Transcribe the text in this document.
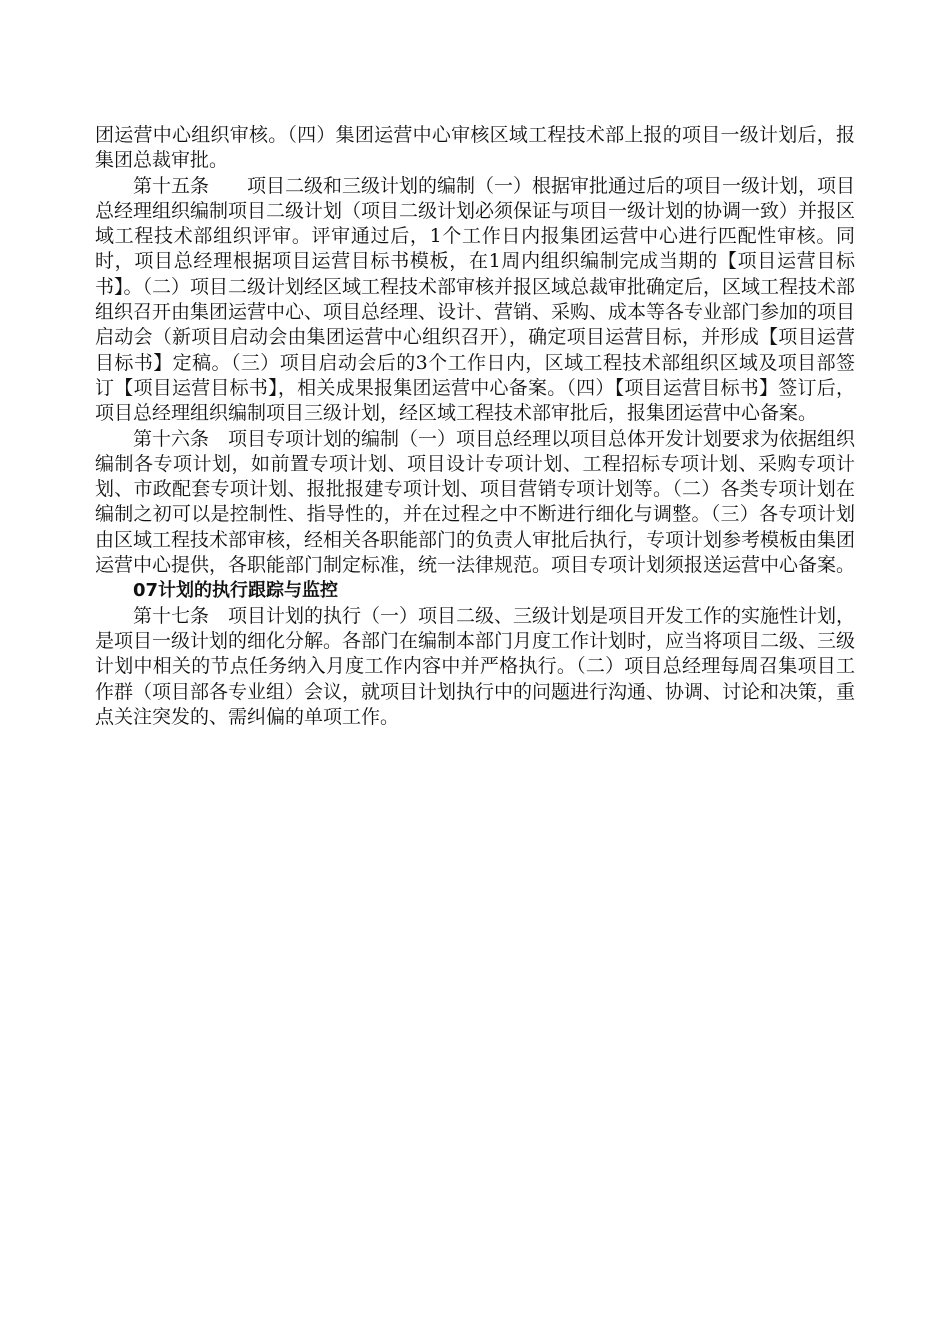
团运营中心组织审核。（四）集团运营中心审核区域工程技术部上报的项目一级计划后，报集团总裁审批。

第十五条　　项目二级和三级计划的编制（一）根据审批通过后的项目一级计划，项目总经理组织编制项目二级计划（项目二级计划必须保证与项目一级计划的协调一致）并报区域工程技术部组织评审。评审通过后，1个工作日内报集团运营中心进行匹配性审核。同时，项目总经理根据项目运营目标书模板，在1周内组织编制完成当期的【项目运营目标书】。（二）项目二级计划经区域工程技术部审核并报区域总裁审批确定后，区域工程技术部组织召开由集团运营中心、项目总经理、设计、营销、采购、成本等各专业部门参加的项目启动会（新项目启动会由集团运营中心组织召开），确定项目运营目标，并形成【项目运营目标书】定稿。（三）项目启动会后的3个工作日内，区域工程技术部组织区域及项目部签订【项目运营目标书】，相关成果报集团运营中心备案。（四）【项目运营目标书】签订后，项目总经理组织编制项目三级计划，经区域工程技术部审批后，报集团运营中心备案。

第十六条　项目专项计划的编制（一）项目总经理以项目总体开发计划要求为依据组织编制各专项计划，如前置专项计划、项目设计专项计划、工程招标专项计划、采购专项计划、市政配套专项计划、报批报建专项计划、项目营销专项计划等。（二）各类专项计划在编制之初可以是控制性、指导性的，并在过程之中不断进行细化与调整。（三）各专项计划由区域工程技术部审核，经相关各职能部门的负责人审批后执行，专项计划参考模板由集团运营中心提供，各职能部门制定标准，统一法律规范。项目专项计划须报送运营中心备案。

07计划的执行跟踪与监控

第十七条　项目计划的执行（一）项目二级、三级计划是项目开发工作的实施性计划，是项目一级计划的细化分解。各部门在编制本部门月度工作计划时，应当将项目二级、三级计划中相关的节点任务纳入月度工作内容中并严格执行。（二）项目总经理每周召集项目工作群（项目部各专业组）会议，就项目计划执行中的问题进行沟通、协调、讨论和决策，重点关注突发的、需纠偏的单项工作。
